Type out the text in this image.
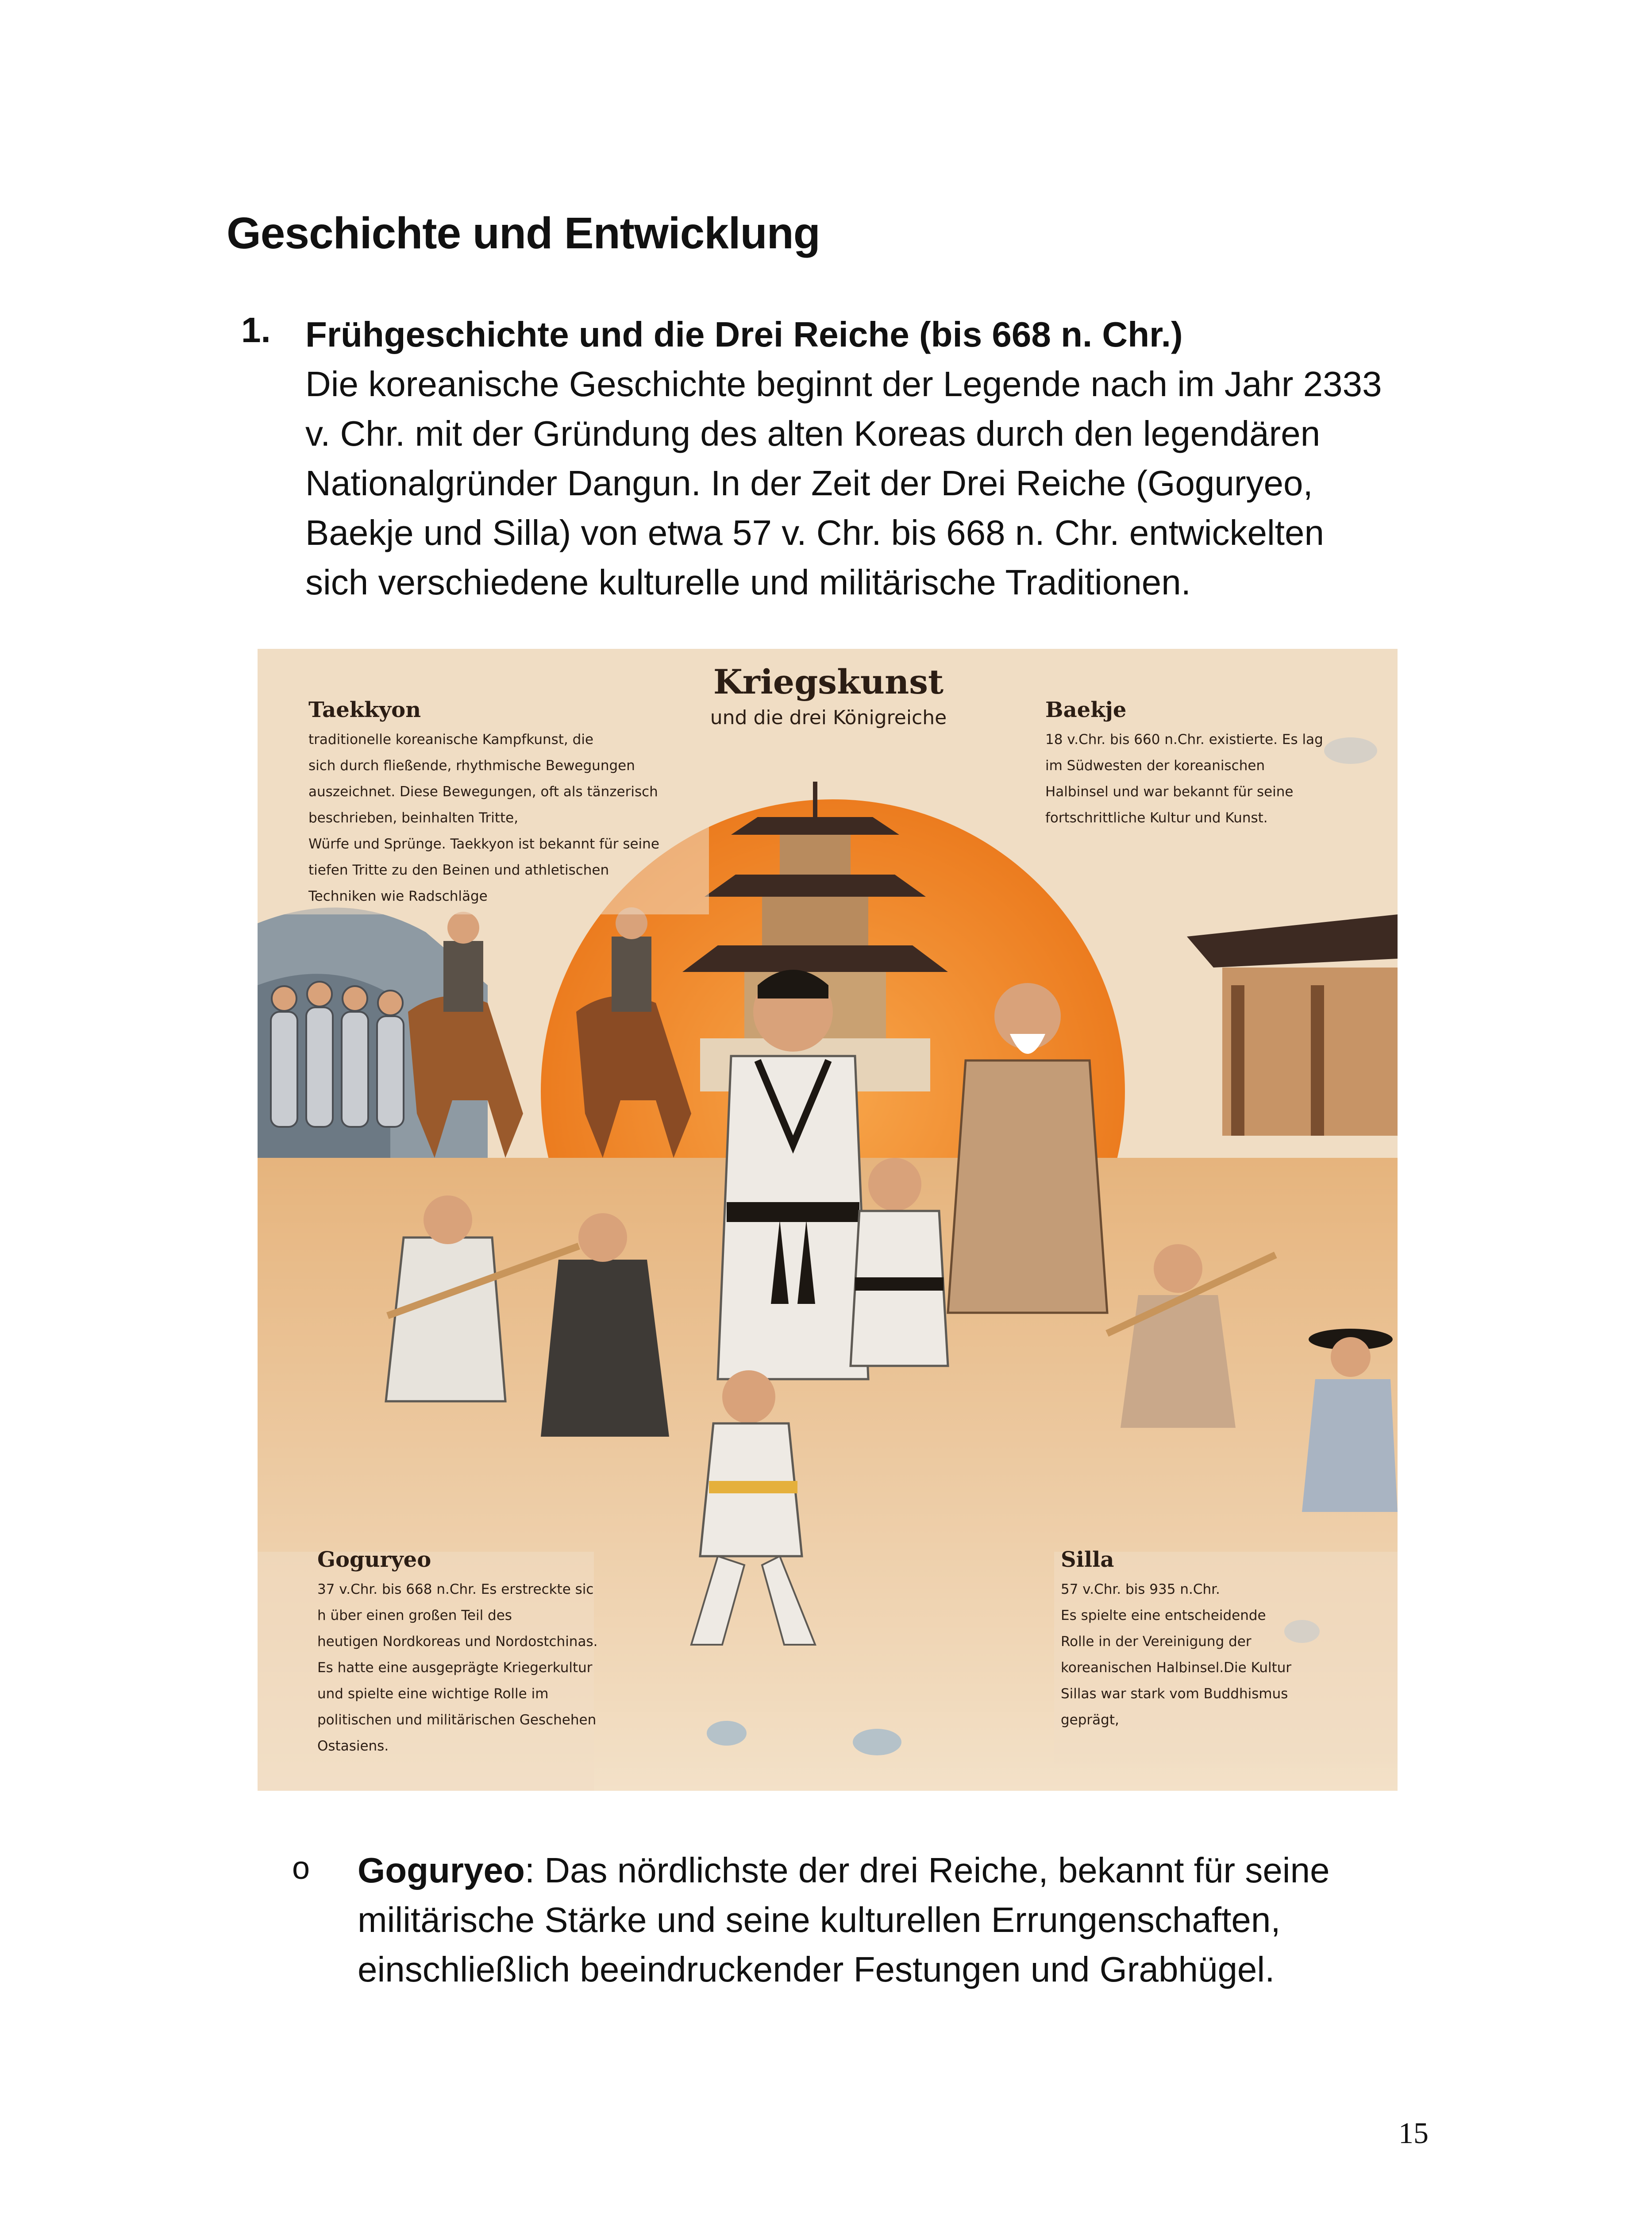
Geschichte und Entwicklung
1. Frühgeschichte und die Drei Reiche (bis 668 n. Chr.)
Die koreanische Geschichte beginnt der Legende nach im Jahr 2333
v. Chr. mit der Gründung des alten Koreas durch den legendären
Nationalgründer Dangun. In der Zeit der Drei Reiche (Goguryeo,
Baekje und Silla) von etwa 57 v. Chr. bis 668 n. Chr. entwickelten
sich verschiedene kulturelle und militärische Traditionen.
Kriegskunst
und die drei Königreiche
Taekkyon
traditionelle koreanische Kampfkunst, die
sich durch fließende, rhythmische Bewegungen
auszeichnet. Diese Bewegungen, oft als tänzerisch
beschrieben, beinhalten Tritte,
Würfe und Sprünge. Taekkyon ist bekannt für seine
tiefen Tritte zu den Beinen und athletischen
Techniken wie Radschläge
Baekje
18 v.Chr. bis 660 n.Chr. existierte. Es lag
im Südwesten der koreanischen
Halbinsel und war bekannt für seine
fortschrittliche Kultur und Kunst.
Goguryeo
37 v.Chr. bis 668 n.Chr. Es erstreckte sic
h über einen großen Teil des
heutigen Nordkoreas und Nordostchinas.
Es hatte eine ausgeprägte Kriegerkultur
und spielte eine wichtige Rolle im
politischen und militärischen Geschehen
Ostasiens.
Silla
57 v.Chr. bis 935 n.Chr.
Es spielte eine entscheidende
Rolle in der Vereinigung der
koreanischen Halbinsel.Die Kultur
Sillas war stark vom Buddhismus
geprägt,
o Goguryeo: Das nördlichste der drei Reiche, bekannt für seine
militärische Stärke und seine kulturellen Errungenschaften,
einschließlich beeindruckender Festungen und Grabhügel.
15
